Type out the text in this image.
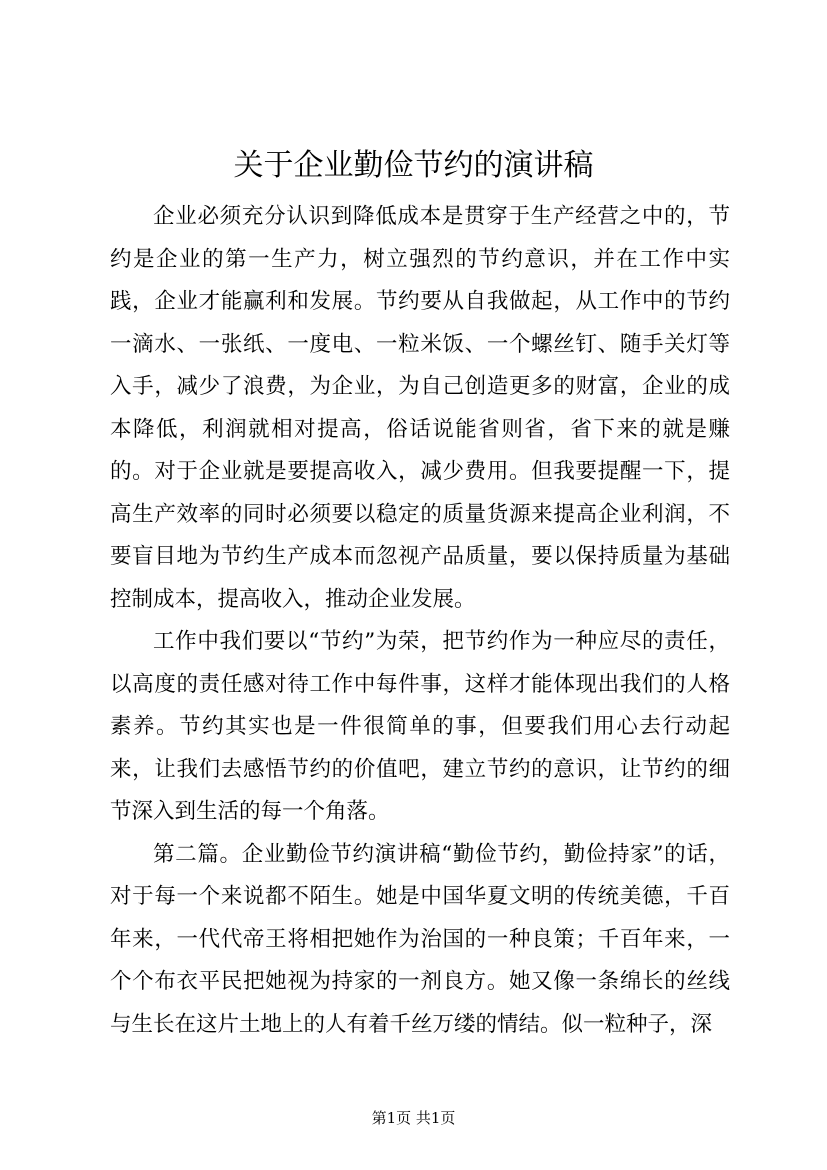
关于企业勤俭节约的演讲稿

企业必须充分认识到降低成本是贯穿于生产经营之中的，节约是企业的第一生产力，树立强烈的节约意识，并在工作中实践，企业才能赢利和发展。节约要从自我做起，从工作中的节约一滴水、一张纸、一度电、一粒米饭、一个螺丝钉、随手关灯等入手，减少了浪费，为企业，为自己创造更多的财富，企业的成本降低，利润就相对提高，俗话说能省则省，省下来的就是赚的。对于企业就是要提高收入，减少费用。但我要提醒一下，提高生产效率的同时必须要以稳定的质量货源来提高企业利润，不要盲目地为节约生产成本而忽视产品质量，要以保持质量为基础控制成本，提高收入，推动企业发展。

工作中我们要以“节约”为荣，把节约作为一种应尽的责任，以高度的责任感对待工作中每件事，这样才能体现出我们的人格素养。节约其实也是一件很简单的事，但要我们用心去行动起来，让我们去感悟节约的价值吧，建立节约的意识，让节约的细节深入到生活的每一个角落。

第二篇。企业勤俭节约演讲稿“勤俭节约，勤俭持家”的话，对于每一个来说都不陌生。她是中国华夏文明的传统美德，千百年来，一代代帝王将相把她作为治国的一种良策；千百年来，一个个布衣平民把她视为持家的一剂良方。她又像一条绵长的丝线与生长在这片土地上的人有着千丝万缕的情结。似一粒种子，深

第1页 共1页
